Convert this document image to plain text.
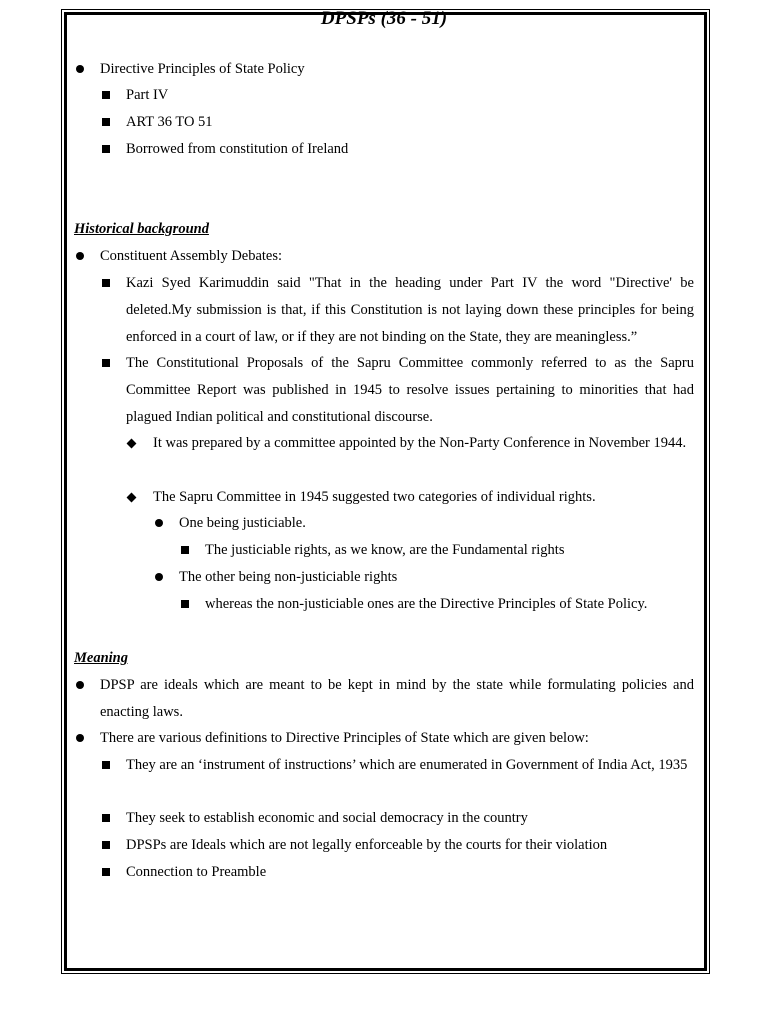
DPSPs (36 - 51)
Directive Principles of State Policy
Part IV
ART 36 TO 51
Borrowed from constitution of Ireland
Historical background
Constituent Assembly Debates:
Kazi Syed Karimuddin said "That in the heading under Part IV the word "Directive' be deleted.My submission is that, if this Constitution is not laying down these principles for being enforced in a court of law, or if they are not binding on the State, they are meaningless.”
The Constitutional Proposals of the Sapru Committee commonly referred to as the Sapru Committee Report was published in 1945 to resolve issues pertaining to minorities that had plagued Indian political and constitutional discourse.
It was prepared by a committee appointed by the Non-Party Conference in November 1944.
The Sapru Committee in 1945 suggested two categories of individual rights.
One being justiciable.
The justiciable rights, as we know, are the Fundamental rights
The other being non-justiciable rights
whereas the non-justiciable ones are the Directive Principles of State Policy.
Meaning
DPSP are ideals which are meant to be kept in mind by the state while formulating policies and enacting laws.
There are various definitions to Directive Principles of State which are given below:
They are an ‘instrument of instructions’ which are enumerated in Government of India Act, 1935
They seek to establish economic and social democracy in the country
DPSPs are Ideals which are not legally enforceable by the courts for their violation
Connection to Preamble
